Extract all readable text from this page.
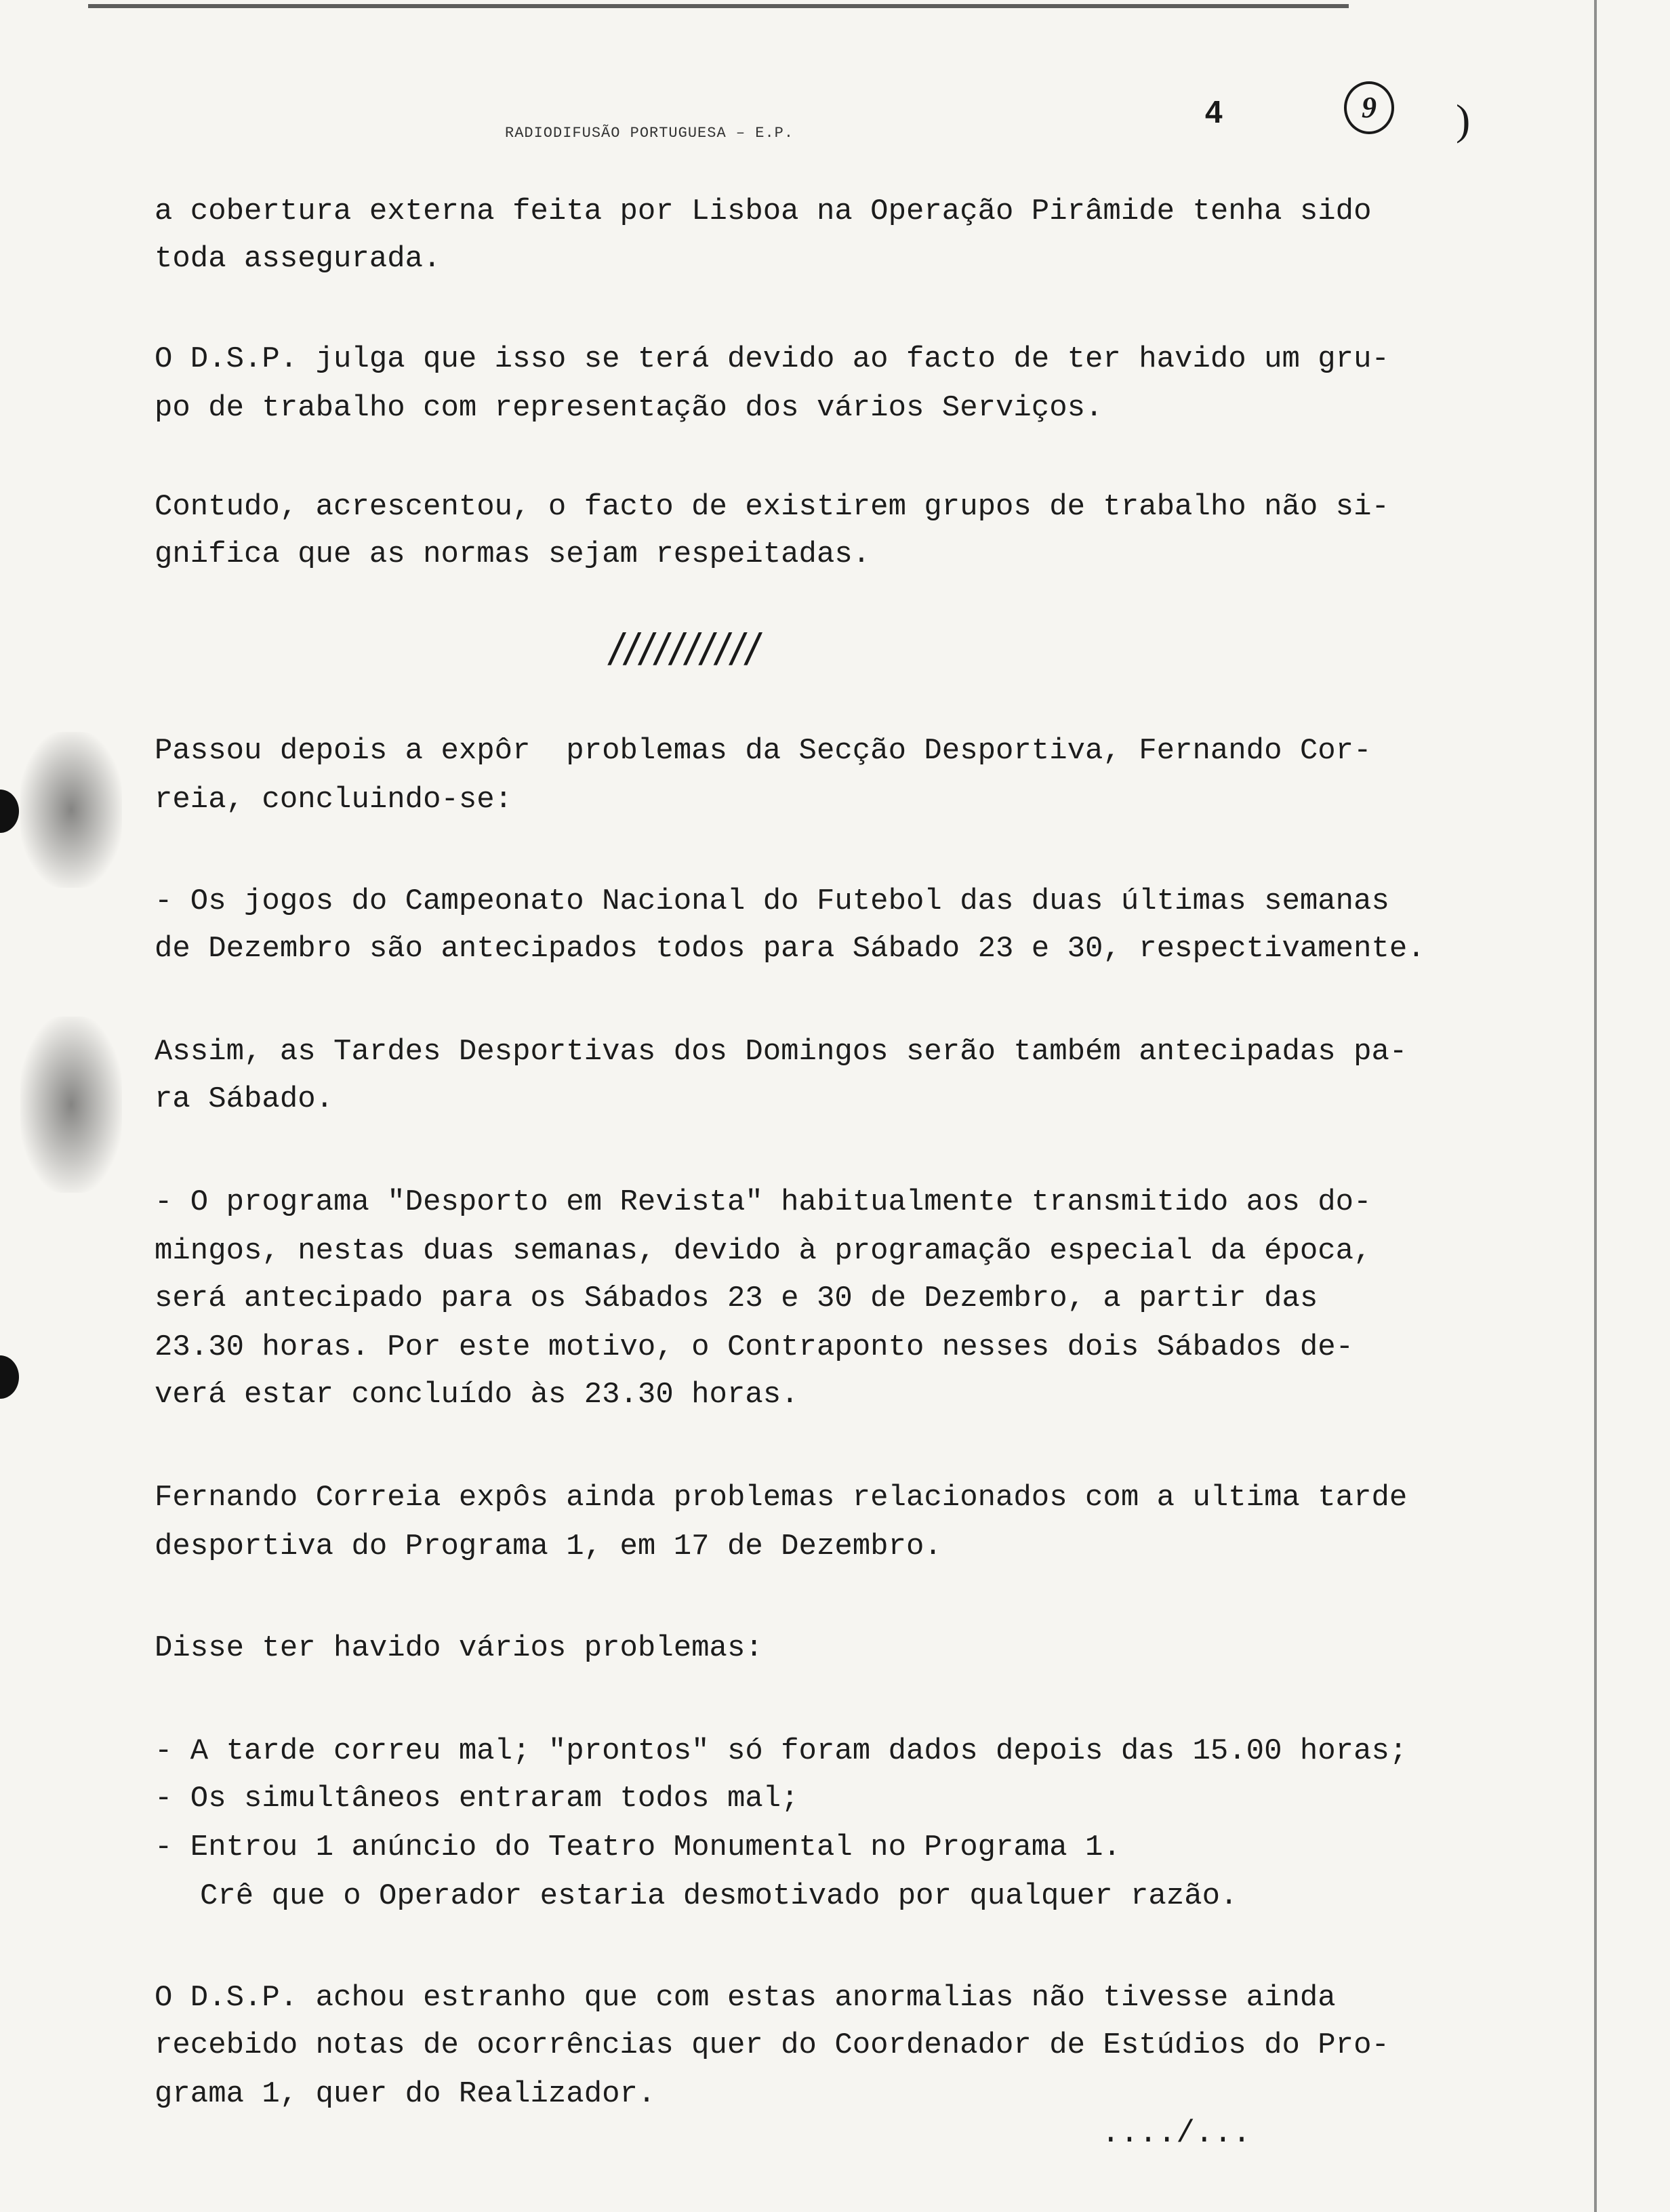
RADIODIFUSÃO PORTUGUESA – E.P.
4	9	)
a cobertura externa feita por Lisboa na Operação Pirâmide tenha sido
toda assegurada.
O D.S.P. julga que isso se terá devido ao facto de ter havido um gru-
po de trabalho com representação dos vários Serviços.
Contudo, acrescentou, o facto de existirem grupos de trabalho não si-
gnifica que as normas sejam respeitadas.
//////////
Passou depois a expôr  problemas da Secção Desportiva, Fernando Cor-
reia, concluindo-se:
- Os jogos do Campeonato Nacional do Futebol das duas últimas semanas
de Dezembro são antecipados todos para Sábado 23 e 30, respectivamente.
Assim, as Tardes Desportivas dos Domingos serão também antecipadas pa-
ra Sábado.
- O programa "Desporto em Revista" habitualmente transmitido aos do-
mingos, nestas duas semanas, devido à programação especial da época,
será antecipado para os Sábados 23 e 30 de Dezembro, a partir das
23.30 horas. Por este motivo, o Contraponto nesses dois Sábados de-
verá estar concluído às 23.30 horas.
Fernando Correia expôs ainda problemas relacionados com a ultima tarde
desportiva do Programa 1, em 17 de Dezembro.
Disse ter havido vários problemas:
- A tarde correu mal; "prontos" só foram dados depois das 15.00 horas;
- Os simultâneos entraram todos mal;
- Entrou 1 anúncio do Teatro Monumental no Programa 1.
Crê que o Operador estaria desmotivado por qualquer razão.
O D.S.P. achou estranho que com estas anormalias não tivesse ainda
recebido notas de ocorrências quer do Coordenador de Estúdios do Pro-
grama 1, quer do Realizador.
..../...
